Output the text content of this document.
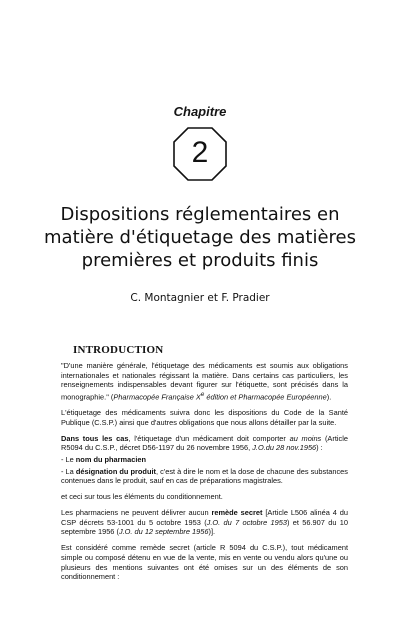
Chapitre
2
Dispositions réglementaires en
matière d'étiquetage des matières
premières et produits finis
C. Montagnier et F. Pradier
INTRODUCTION

"D'une manière générale, l'étiquetage des médicaments est soumis aux obligations internationales et nationales régissant la matière. Dans certains cas particuliers, les renseignements indispensables devant figurer sur l'étiquette, sont précisés dans la monographie." (Pharmacopée Française Xe édition et Pharmacopée Européenne).

L'étiquetage des médicaments suivra donc les dispositions du Code de la Santé Publique (C.S.P.) ainsi que d'autres obligations que nous allons détailler par la suite.

Dans tous les cas, l'étiquetage d'un médicament doit comporter au moins (Article R5094 du C.S.P., décret D56-1197 du 26 novembre 1956, J.O.du 28 nov.1956) :

- Le nom du pharmacien

- La désignation du produit, c'est à dire le nom et la dose de chacune des substances contenues dans le produit, sauf en cas de préparations magistrales.

et ceci sur tous les éléments du conditionnement.

Les pharmaciens ne peuvent délivrer aucun remède secret [Article L506 alinéa 4 du CSP décrets 53-1001 du 5 octobre 1953 (J.O. du 7 octobre 1953) et 56.907 du 10 septembre 1956 (J.O. du 12 septembre 1956)].

Est considéré comme remède secret (article R 5094 du C.S.P.), tout médicament simple ou composé détenu en vue de la vente, mis en vente ou vendu alors qu'une ou plusieurs des mentions suivantes ont été omises sur un des éléments de son conditionnement :
